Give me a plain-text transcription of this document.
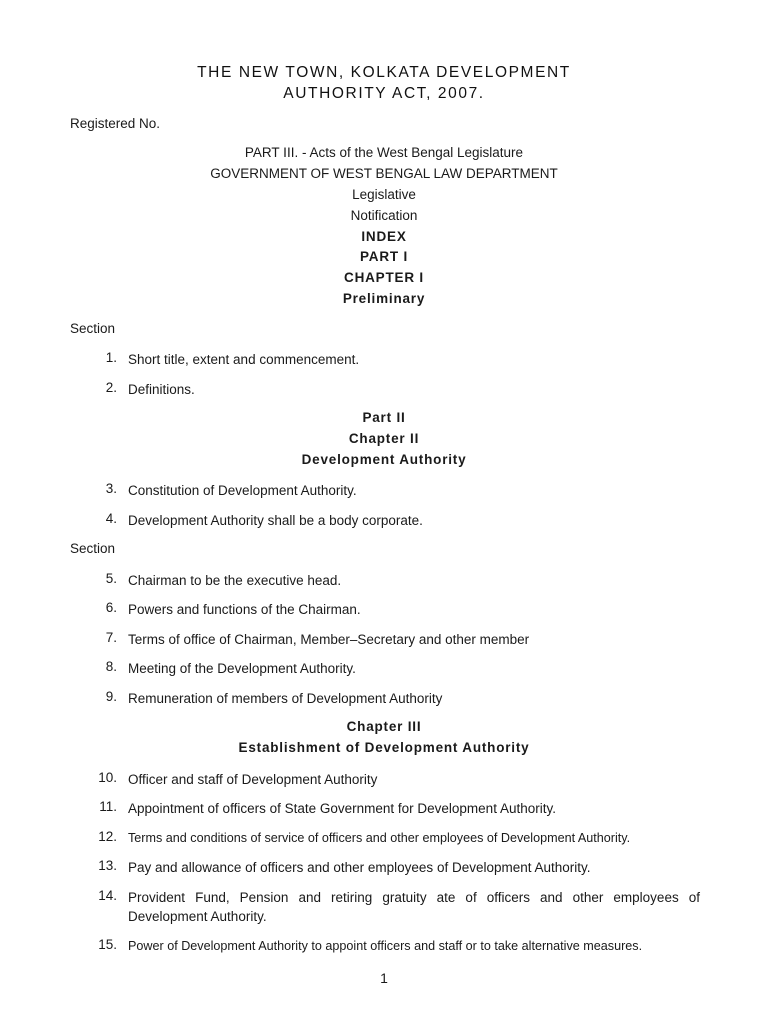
THE NEW TOWN, KOLKATA DEVELOPMENT
AUTHORITY ACT, 2007.
Registered No.
PART III. - Acts of the West Bengal Legislature
GOVERNMENT OF WEST BENGAL LAW DEPARTMENT
Legislative
Notification
INDEX
PART I
CHAPTER I
Preliminary
Section
1. Short title, extent and commencement.
2. Definitions.
Part II
Chapter II
Development Authority
3. Constitution of Development Authority.
4. Development Authority shall be a body corporate.
Section
5. Chairman to be the executive head.
6. Powers and functions of the Chairman.
7. Terms of office of Chairman, Member–Secretary and other member
8. Meeting of the Development Authority.
9. Remuneration of members of Development Authority
Chapter III
Establishment of Development Authority
10. Officer and staff of Development Authority
11. Appointment of officers of State Government for Development Authority.
12. Terms and conditions of service of officers and other employees of Development Authority.
13. Pay and allowance of officers and other employees of Development Authority.
14. Provident Fund, Pension and retiring gratuity ate of officers and other employees of Development Authority.
15. Power of Development Authority to appoint officers and staff or to take alternative measures.
1
